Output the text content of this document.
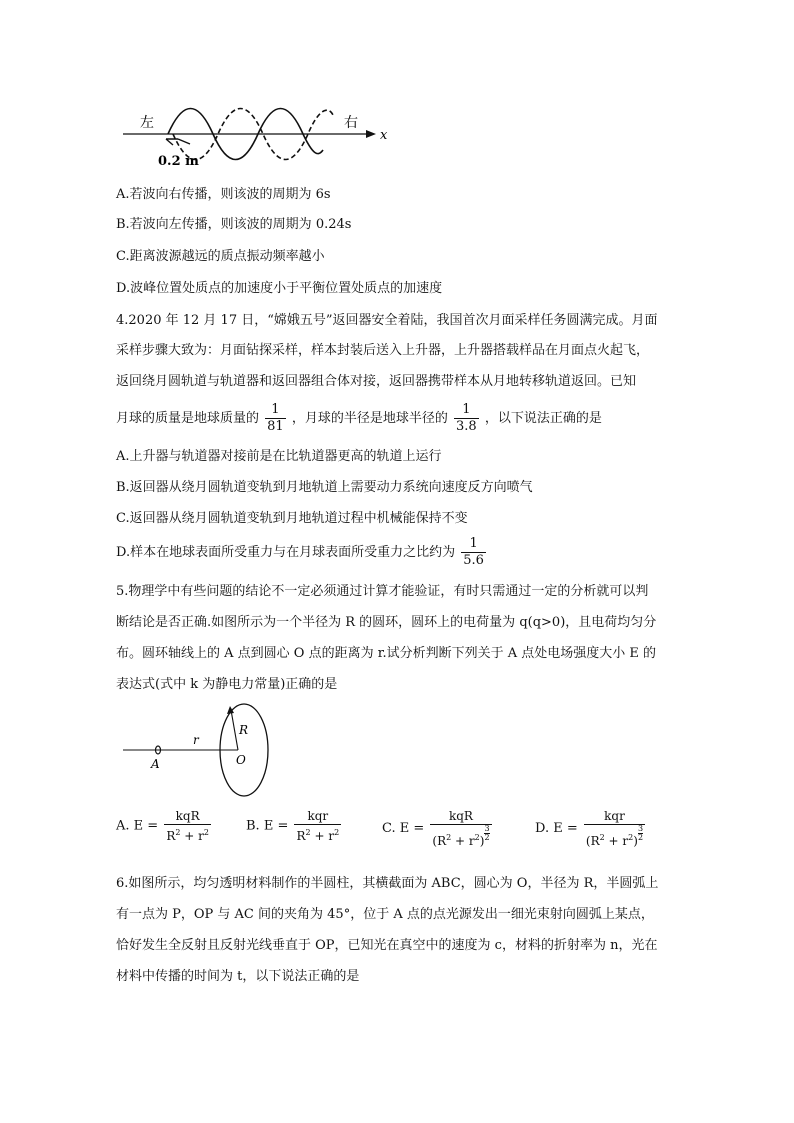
左	右
x
0.2 m
A.若波向右传播，则该波的周期为 6s
B.若波向左传播，则该波的周期为 0.24s
C.距离波源越远的质点振动频率越小
D.波峰位置处质点的加速度小于平衡位置处质点的加速度
4.2020 年 12 月 17 日，“嫦娥五号”返回器安全着陆，我国首次月面采样任务圆满完成。月面
采样步骤大致为：月面钻探采样，样本封装后送入上升器，上升器搭载样品在月面点火起飞，
返回绕月圆轨道与轨道器和返回器组合体对接，返回器携带样本从月地转移轨道返回。已知
月球的质量是地球质量的 $\frac{1}{81}$ ，月球的半径是地球半径的 $\frac{1}{3.8}$ ，以下说法正确的是
A.上升器与轨道器对接前是在比轨道器更高的轨道上运行
B.返回器从绕月圆轨道变轨到月地轨道上需要动力系统向速度反方向喷气
C.返回器从绕月圆轨道变轨到月地轨道过程中机械能保持不变
D.样本在地球表面所受重力与在月球表面所受重力之比约为 $\frac{1}{5.6}$
5.物理学中有些问题的结论不一定必须通过计算才能验证，有时只需通过一定的分析就可以判
断结论是否正确.如图所示为一个半径为 R 的圆环，圆环上的电荷量为 q(q>0)，且电荷均匀分
布。圆环轴线上的 A 点到圆心 O 点的距离为 r.试分析判断下列关于 A 点处电场强度大小 E 的
表达式(式中 k 为静电力常量)正确的是
r
R
A	O
A. $E = \frac{\text{kqR}}{R^2 + r^2}$	B. $E = \frac{\text{kqr}}{R^2 + r^2}$	C. $E = \frac{\text{kqR}}{(R^2 + r^2) \frac{3}{2}}$	D. $E = \frac{\text{kqr}}{(R^2 + r^2) \frac{3}{2}}$
6.如图所示，均匀透明材料制作的半圆柱，其横截面为 ABC，圆心为 O，半径为 R，半圆弧上
有一点为 P，OP 与 AC 间的夹角为 45°，位于 A 点的点光源发出一细光束射向圆弧上某点，
恰好发生全反射且反射光线垂直于 OP，已知光在真空中的速度为 c，材料的折射率为 n，光在
材料中传播的时间为 t，以下说法正确的是
